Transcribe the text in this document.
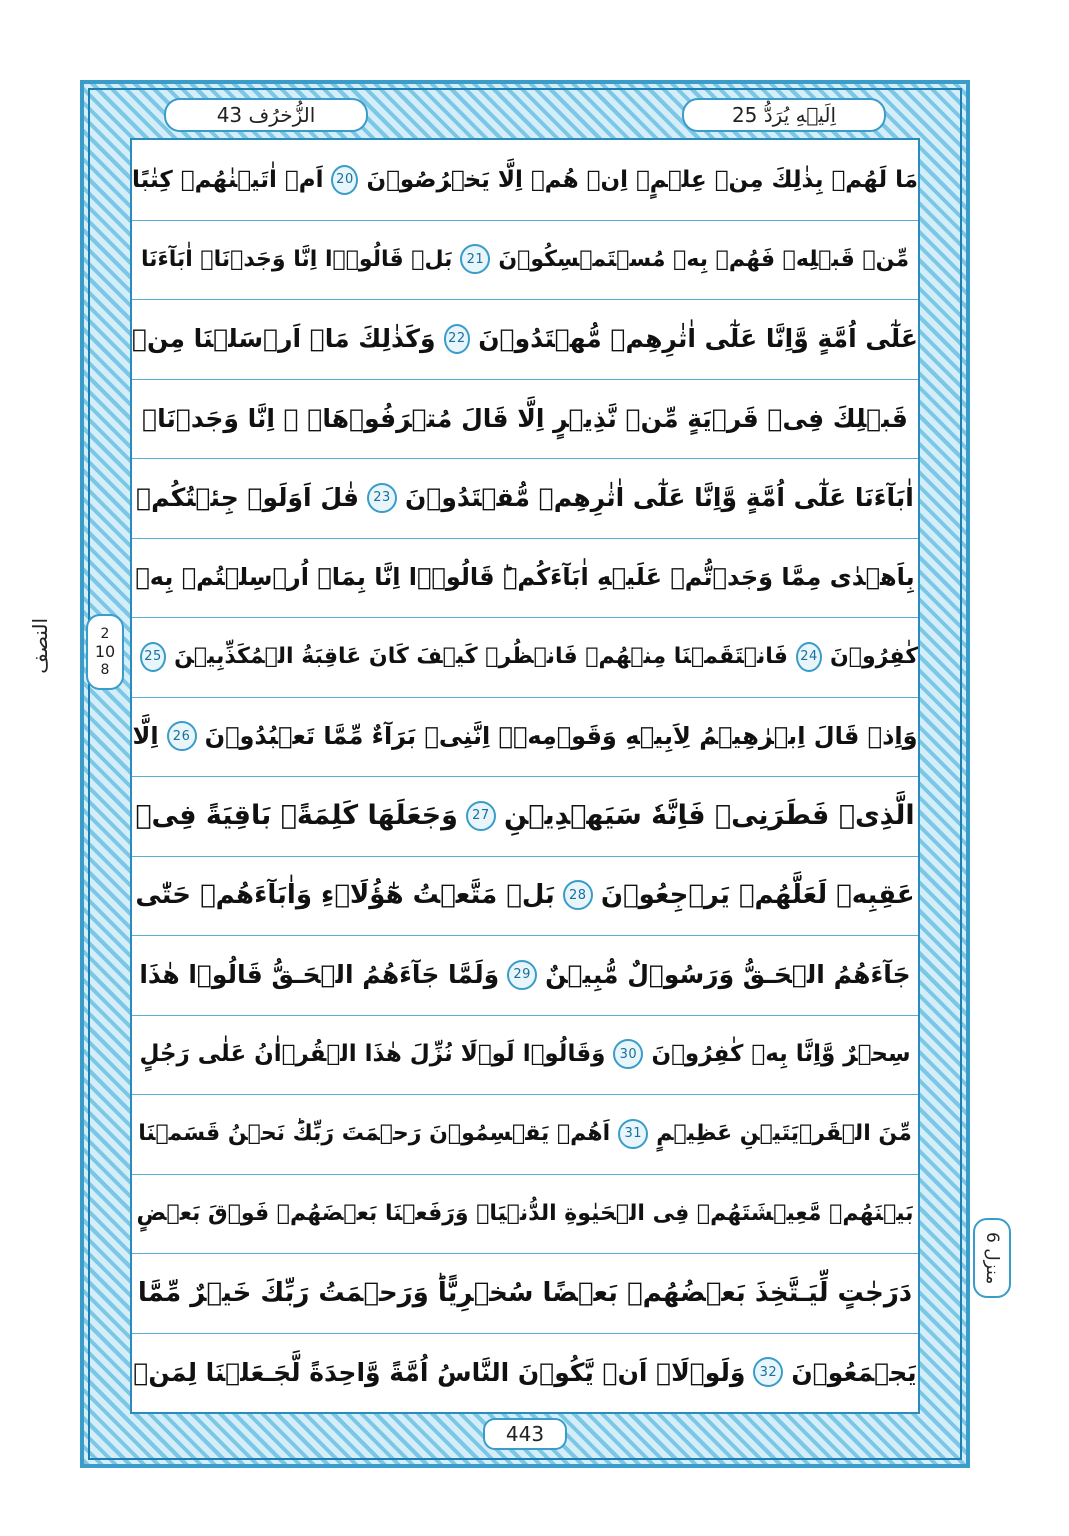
الزُّخرُف 43	اِلَيۡهِ يُرَدُّ 25
مَا لَهُمۡ بِذٰلِكَ مِنۡ عِلۡمٍ‌ۚ اِنۡ هُمۡ اِلَّا يَخۡرُصُوۡنَ
20
اَمۡ اٰتَيۡنٰهُمۡ كِتٰبًا
مِّنۡ قَبۡلِهٖ فَهُمۡ بِهٖ مُسۡتَمۡسِكُوۡنَ
21
بَلۡ قَالُوۡۤا اِنَّا وَجَدۡنَاۤ اٰبَآءَنَا
عَلٰٓى اُمَّةٍ وَّاِنَّا عَلٰٓى اٰثٰرِهِمۡ مُّهۡتَدُوۡنَ
22
وَكَذٰلِكَ مَاۤ اَرۡسَلۡنَا مِنۡ
قَبۡلِكَ فِىۡ قَرۡيَةٍ مِّنۡ نَّذِيۡرٍ اِلَّا قَالَ مُتۡرَفُوۡهَاۤ ۙ اِنَّا وَجَدۡنَاۤ
اٰبَآءَنَا عَلٰٓى اُمَّةٍ وَّاِنَّا عَلٰٓى اٰثٰرِهِمۡ مُّقۡتَدُوۡنَ
23
قٰلَ اَوَلَوۡ جِئۡتُكُمۡ
بِاَهۡدٰى مِمَّا وَجَدۡتُّمۡ عَلَيۡهِ اٰبَآءَكُمۡ‌ؕ قَالُوۡۤا اِنَّا بِمَاۤ اُرۡسِلۡتُمۡ بِهٖ
كٰفِرُوۡنَ
24
فَانۡتَقَمۡنَا مِنۡهُمۡ‌ فَانۡظُرۡ كَيۡفَ كَانَ عَاقِبَةُ الۡمُكَذِّبِيۡنَ
25
وَاِذۡ قَالَ اِبۡرٰهِيۡمُ لِاَبِيۡهِ وَقَوۡمِهٖۤ اِنَّنِىۡ بَرَآءٌ مِّمَّا تَعۡبُدُوۡنَ
26
اِلَّا
الَّذِىۡ فَطَرَنِىۡ فَاِنَّهٗ سَيَهۡدِيۡنِ
27
وَجَعَلَهَا كَلِمَةًۢ بَاقِيَةً فِىۡ
عَقِبِهٖ لَعَلَّهُمۡ يَرۡجِعُوۡنَ
28
بَلۡ مَتَّعۡتُ هٰٓؤُلَاۤءِ وَاٰبَآءَهُمۡ حَتّٰى
جَآءَهُمُ الۡحَـقُّ وَرَسُوۡلٌ مُّبِيۡنٌ
29
وَلَمَّا جَآءَهُمُ الۡحَـقُّ قَالُوۡا هٰذَا
سِحۡرٌ وَّاِنَّا بِهٖ كٰفِرُوۡنَ
30
وَقَالُوۡا لَوۡلَا نُزِّلَ هٰذَا الۡقُرۡاٰنُ عَلٰى رَجُلٍ
مِّنَ الۡقَرۡيَتَيۡنِ عَظِيۡمٍ
31
اَهُمۡ يَقۡسِمُوۡنَ رَحۡمَتَ رَبِّكَ‌ؕ نَحۡنُ قَسَمۡنَا
بَيۡنَهُمۡ مَّعِيۡشَتَهُمۡ فِى الۡحَيٰوةِ الدُّنۡيَا‌ۙ وَرَفَعۡنَا بَعۡضَهُمۡ فَوۡقَ بَعۡضٍ
دَرَجٰتٍ لِّيَـتَّخِذَ بَعۡضُهُمۡ بَعۡضًا سُخۡرِيًّا‌ؕ وَرَحۡمَتُ رَبِّكَ خَيۡرٌ مِّمَّا
يَجۡمَعُوۡنَ
32
وَلَوۡلَاۤ اَنۡ يَّكُوۡنَ النَّاسُ اُمَّةً وَّاحِدَةً لَّجَـعَلۡنَا لِمَنۡ
443
النصف	2
10
8
منزل 6
